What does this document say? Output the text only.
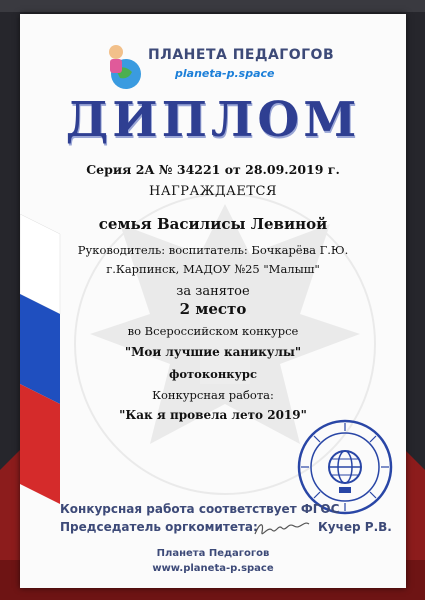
ПЛАНЕТА ПЕДАГОГОВ
planeta-p.space
ДИПЛОМ
Серия 2А № 34221 от 28.09.2019 г.
НАГРАЖДАЕТСЯ
семья Василисы Левиной
Руководитель: воспитатель: Бочкарёва Г.Ю.
г.Карпинск, МАДОУ №25 "Малыш"
за занятое
2 место
во Всероссийском конкурсе
"Мои лучшие каникулы"
фотоконкурс
Конкурсная работа:
"Как я провела лето 2019"
Конкурсная работа соответствует ФГОС
Председатель оргкомитета:	Кучер Р.В.
Планета Педагогов
www.planeta-p.space
